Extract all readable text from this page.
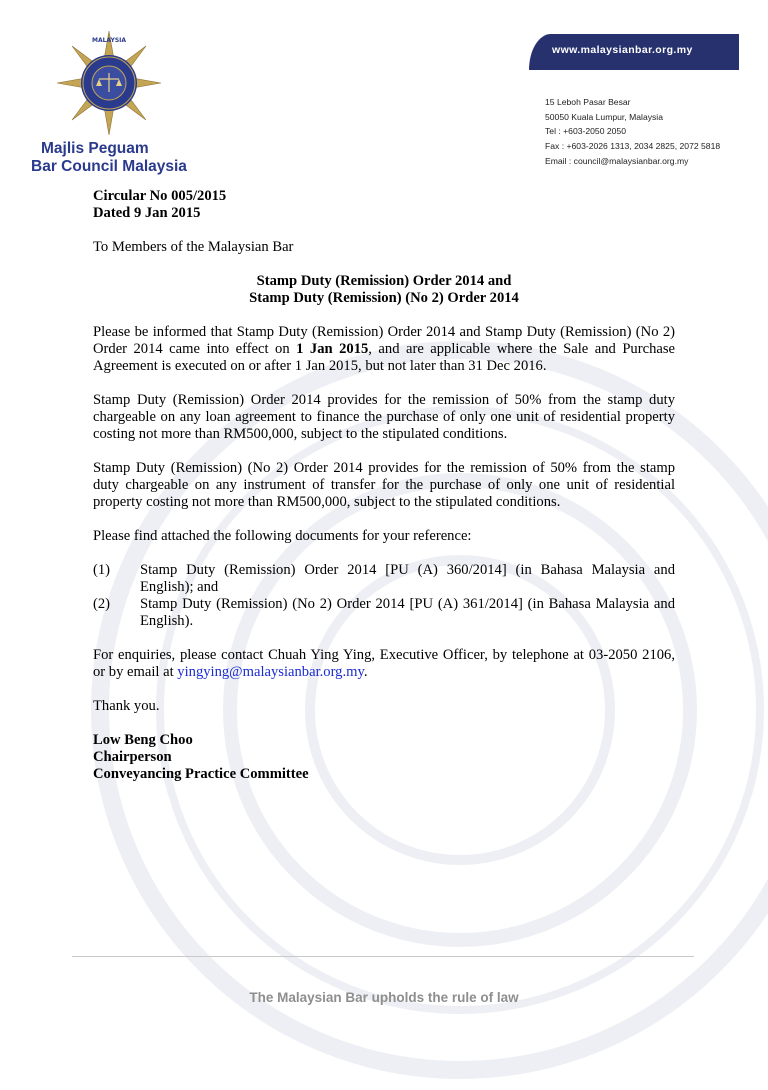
MALAYSIA
Majlis Peguam
Bar Council Malaysia
www.malaysianbar.org.my
15 Leboh Pasar Besar
50050 Kuala Lumpur, Malaysia
Tel : +603-2050 2050
Fax : +603-2026 1313, 2034 2825, 2072 5818
Email : council@malaysianbar.org.my
Circular No 005/2015
Dated 9 Jan 2015
To Members of the Malaysian Bar
Stamp Duty (Remission) Order 2014 and
Stamp Duty (Remission) (No 2) Order 2014
Please be informed that Stamp Duty (Remission) Order 2014 and Stamp Duty (Remission) (No 2) Order 2014 came into effect on 1 Jan 2015, and are applicable where the Sale and Purchase Agreement is executed on or after 1 Jan 2015, but not later than 31 Dec 2016.
Stamp Duty (Remission) Order 2014 provides for the remission of 50% from the stamp duty chargeable on any loan agreement to finance the purchase of only one unit of residential property costing not more than RM500,000, subject to the stipulated conditions.
Stamp Duty (Remission) (No 2) Order 2014 provides for the remission of 50% from the stamp duty chargeable on any instrument of transfer for the purchase of only one unit of residential property costing not more than RM500,000, subject to the stipulated conditions.
Please find attached the following documents for your reference:
(1)	Stamp Duty (Remission) Order 2014 [PU (A) 360/2014] (in Bahasa Malaysia and English); and
(2)	Stamp Duty (Remission) (No 2) Order 2014 [PU (A) 361/2014] (in Bahasa Malaysia and English).
For enquiries, please contact Chuah Ying Ying, Executive Officer, by telephone at 03-2050 2106, or by email at yingying@malaysianbar.org.my.
Thank you.
Low Beng Choo
Chairperson
Conveyancing Practice Committee
The Malaysian Bar upholds the rule of law
